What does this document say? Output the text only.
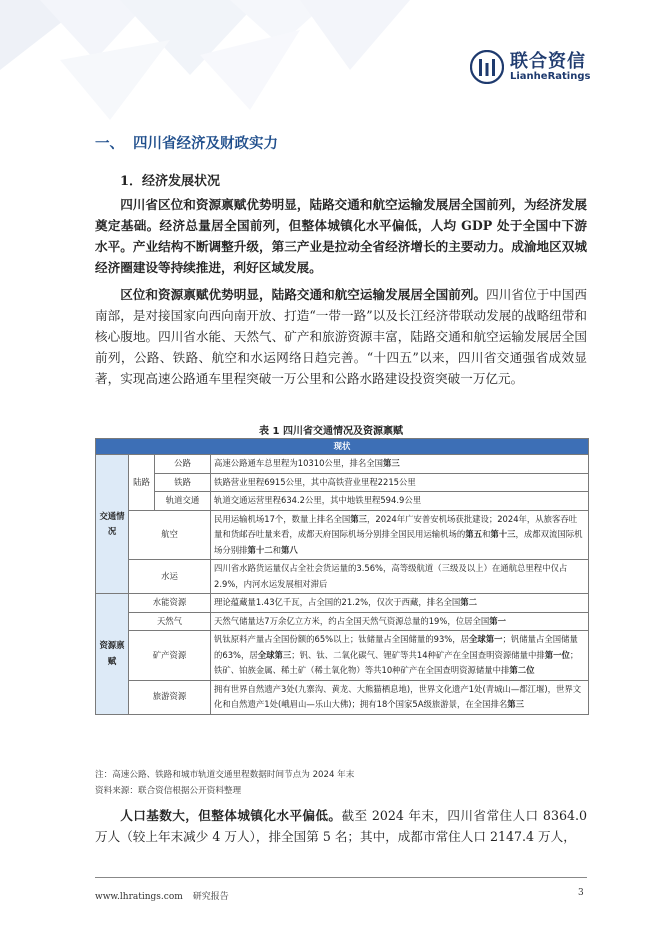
联合资信
LianheRatings
一、 四川省经济及财政实力
1．经济发展状况
四川省区位和资源禀赋优势明显，陆路交通和航空运输发展居全国前列，为经济发展奠定基础。经济总量居全国前列，但整体城镇化水平偏低，人均 GDP 处于全国中下游水平。产业结构不断调整升级，第三产业是拉动全省经济增长的主要动力。成渝地区双城经济圈建设等持续推进，利好区域发展。
区位和资源禀赋优势明显，陆路交通和航空运输发展居全国前列。四川省位于中国西南部，是对接国家向西向南开放、打造“一带一路”以及长江经济带联动发展的战略纽带和核心腹地。四川省水能、天然气、矿产和旅游资源丰富，陆路交通和航空运输发展居全国前列，公路、铁路、航空和水运网络日趋完善。“十四五”以来，四川省交通强省成效显著，实现高速公路通车里程突破一万公里和公路水路建设投资突破一万亿元。
表 1 四川省交通情况及资源禀赋
现状			
交通情况	陆路	公路	高速公路通车总里程为10310公里，排名全国第三
		铁路	铁路营业里程6915公里，其中高铁营业里程2215公里
		轨道交通	轨道交通运营里程634.2公里，其中地铁里程594.9公里
	航空		民用运输机场17个，数量上排名全国第三，2024年广安普安机场获批建设；2024年，从旅客吞吐量和货邮吞吐量来看，成都天府国际机场分别排全国民用运输机场的第五和第十三，成都双流国际机场分别排第十二和第八
	水运		四川省水路货运量仅占全社会货运量的3.56%，高等级航道（三级及以上）在通航总里程中仅占2.9%，内河水运发展相对滞后
资源禀赋	水能资源		理论蕴藏量1.43亿千瓦，占全国的21.2%，仅次于西藏，排名全国第二
	天然气		天然气储量达7万余亿立方米，约占全国天然气资源总量的19%，位居全国第一
	矿产资源		钒钛原料产量占全国份额的65%以上；钛储量占全国储量的93%，居全球第一；钒储量占全国储量的63%，居全球第三；钒、钛、二氧化碳气、锂矿等共14种矿产在全国查明资源储量中排第一位；铁矿、铂族金属、稀土矿（稀土氧化物）等共10种矿产在全国查明资源储量中排第二位
	旅游资源		拥有世界自然遗产3处(九寨沟、黄龙、大熊猫栖息地)，世界文化遗产1处(青城山—都江堰)，世界文化和自然遗产1处(峨眉山—乐山大佛)；拥有18个国家5A级旅游景，在全国排名第三
注：高速公路、铁路和城市轨道交通里程数据时间节点为 2024 年末
资料来源：联合资信根据公开资料整理
人口基数大，但整体城镇化水平偏低。截至 2024 年末，四川省常住人口 8364.0 万人（较上年末减少 4 万人），排全国第 5 名；其中，成都市常住人口 2147.4 万人，
www.lhratings.com 研究报告	3
